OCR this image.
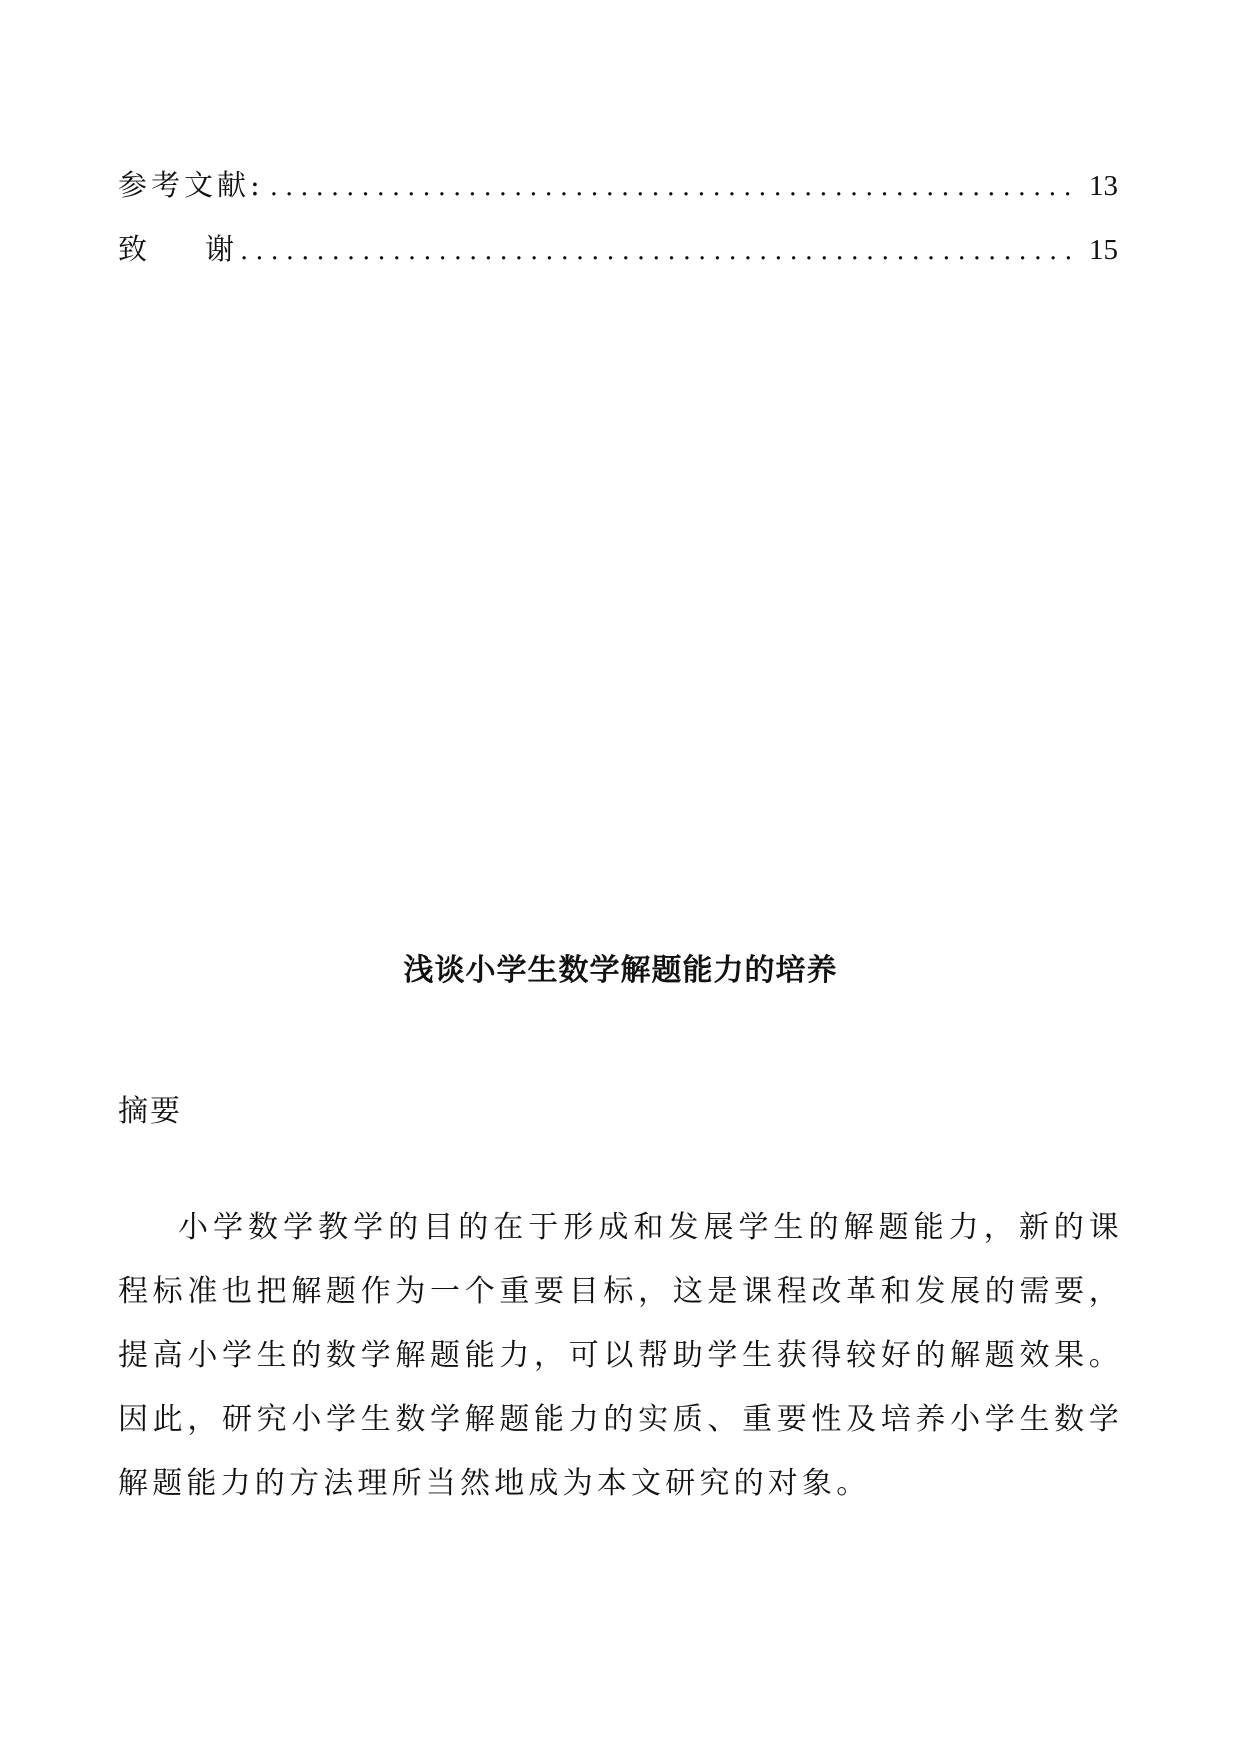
参考文献: .....	13
致　　谢 .....	15
浅谈小学生数学解题能力的培养
摘要

小学数学教学的目的在于形成和发展学生的解题能力，新的课程标准也把解题作为一个重要目标，这是课程改革和发展的需要，提高小学生的数学解题能力，可以帮助学生获得较好的解题效果。因此，研究小学生数学解题能力的实质、重要性及培养小学生数学解题能力的方法理所当然地成为本文研究的对象。
